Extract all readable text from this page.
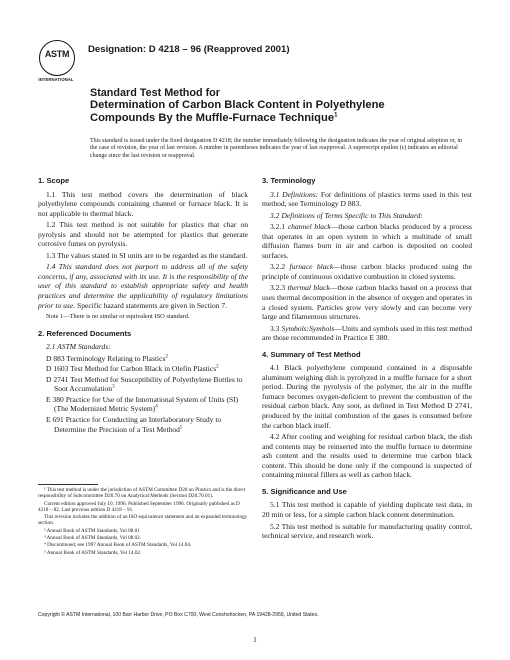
ASTM
INTERNATIONAL
Designation: D 4218 – 96 (Reapproved 2001)
Standard Test Method for
Determination of Carbon Black Content in Polyethylene
Compounds By the Muffle-Furnace Technique$^1$
This standard is issued under the fixed designation D 4218; the number immediately following the designation indicates the year of original adoption or, in the case of revision, the year of last revision. A number in parentheses indicates the year of last reapproval. A superscript epsilon (ε) indicates an editorial change since the last revision or reapproval.
1. Scope
1.1 This test method covers the determination of black polyethylene compounds containing channel or furnace black. It is not applicable to thermal black.
1.2 This test method is not suitable for plastics that char on pyrolysis and should not be attempted for plastics that generate corrosive fumes on pyrolysis.
1.3 The values stated in SI units are to be regarded as the standard.
1.4 This standard does not purport to address all of the safety concerns, if any, associated with its use. It is the responsibility of the user of this standard to establish appropriate safety and health practices and determine the applicability of regulatory limitations prior to use. Specific hazard statements are given in Section 7.
Note 1—There is no similar or equivalent ISO standard.
2. Referenced Documents
2.1 ASTM Standards:
D 883 Terminology Relating to Plastics$^2$
D 1603 Test Method for Carbon Black in Olefin Plastics$^2$
D 2741 Test Method for Susceptibility of Polyethylene Bottles to Soot Accumulation$^3$
E 380 Practice for Use of the International System of Units (SI) (The Modernized Metric System)$^4$
E 691 Practice for Conducting an Interlaboratory Study to Determine the Precision of a Test Method$^5$
¹ This test method is under the jurisdiction of ASTM Committee D20 on Plastics and is the direct responsibility of Subcommittee D20.70 on Analytical Methods (Section D20.70.01).
Current edition approved July 10, 1996. Published September 1996. Originally published as D 4218 – 82. Last previous edition D 4218 – 91.
This revision includes the addition of an ISO equivalence statement and an expanded terminology section.
² Annual Book of ASTM Standards, Vol 08.01
³ Annual Book of ASTM Standards, Vol 08.02.
⁴ Discontinued; see 1997 Annual Book of ASTM Standards, Vol 14.04.
⁵ Annual Book of ASTM Standards, Vol 14.02.
3. Terminology
3.1 Definitions: For definitions of plastics terms used in this test method, see Terminology D 883.
3.2 Definitions of Terms Specific to This Standard:
3.2.1 channel black—those carbon blacks produced by a process that operates in an open system in which a multitude of small diffusion flames burn in air and carbon is deposited on cooled surfaces.
3.2.2 furnace black—those carbon blacks produced using the principle of continuous oxidative combustion in closed systems.
3.2.3 thermal black—those carbon blacks based on a process that uses thermal decomposition in the absence of oxygen and operates in a closed system. Particles grow very slowly and can become very large and filamentous structures.
3.3 Symbols:Symbols—Units and symbols used in this test method are those recommended in Practice E 380.
4. Summary of Test Method
4.1 Black polyethylene compound contained in a disposable aluminum weighing dish is pyrolyzed in a muffle furnace for a short period. During the pyrolysis of the polymer, the air in the muffle furnace becomes oxygen-deficient to prevent the combustion of the residual carbon black. Any soot, as defined in Test Method D 2741, produced by the initial combustion of the gases is consumed before the carbon black itself.
4.2 After cooling and weighing for residual carbon black, the dish and contents may be reinserted into the muffle furnace to determine ash content and the results used to determine true carbon black content. This should be done only if the compound is suspected of containing mineral fillers as well as carbon black.
5. Significance and Use
5.1 This test method is capable of yielding duplicate test data, in 20 min or less, for a simple carbon black content determination.
5.2 This test method is suitable for manufacturing quality control, technical service, and research work.
Copyright © ASTM International, 100 Barr Harbor Drive, PO Box C700, West Conshohocken, PA 19428-2959, United States.
1
